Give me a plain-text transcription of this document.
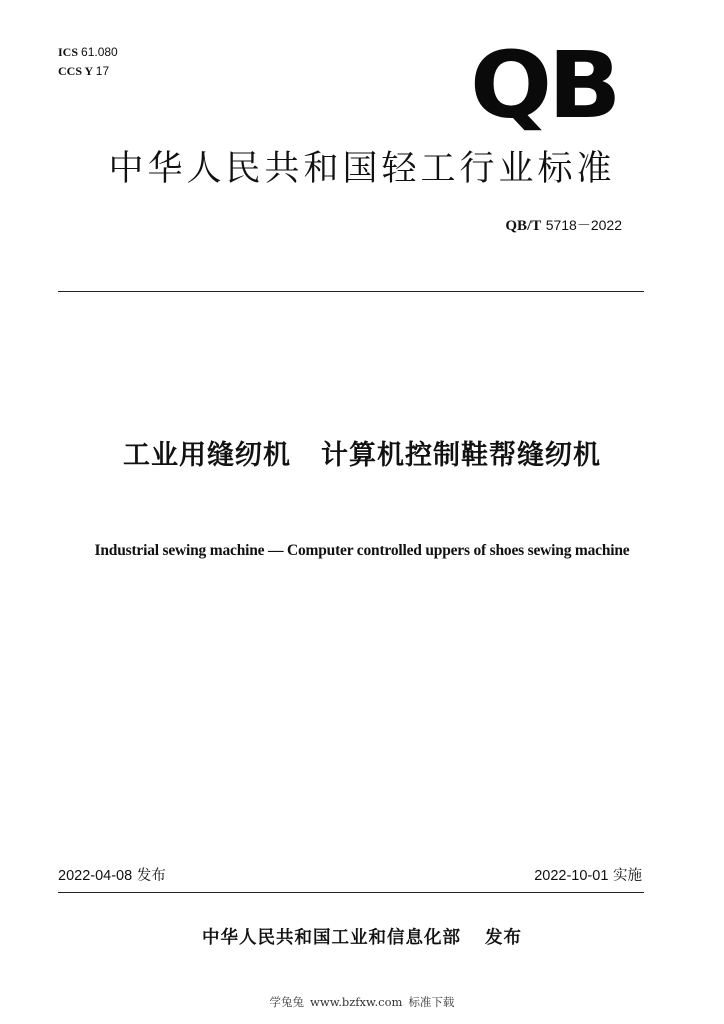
ICS 61.080
CCS Y 17	QB
中华人民共和国轻工行业标准
QB/T 5718－2022
工业用缝纫机 计算机控制鞋帮缝纫机
Industrial sewing machine — Computer controlled uppers of shoes sewing machine
2022-04-08 发布	2022-10-01 实施
中华人民共和国工业和信息化部 发布
学兔兔 www.bzfxw.com 标准下载
